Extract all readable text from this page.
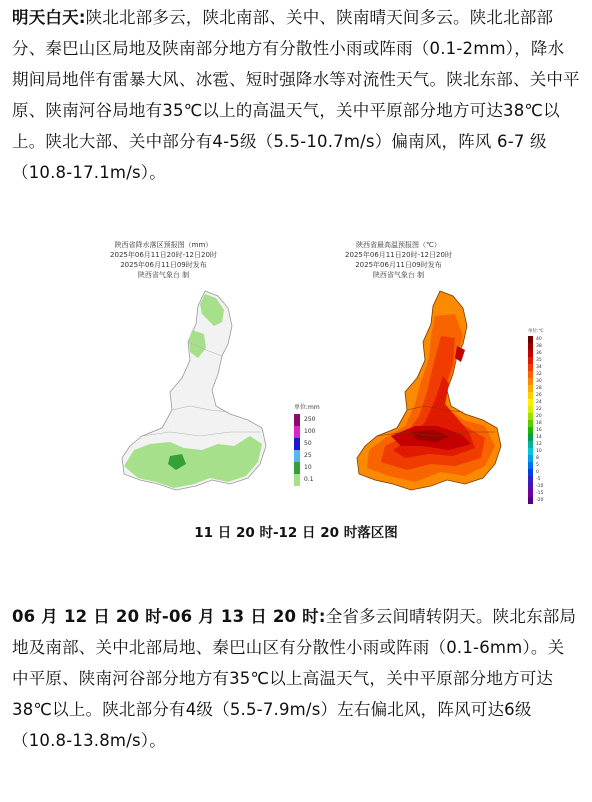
明天白天:陕北北部多云，陕北南部、关中、陕南晴天间多云。陕北北部部分、秦巴山区局地及陕南部分地方有分散性小雨或阵雨（0.1-2mm），降水期间局地伴有雷暴大风、冰雹、短时强降水等对流性天气。陕北东部、关中平原、陕南河谷局地有35℃以上的高温天气，关中平原部分地方可达38℃以上。陕北大部、关中部分有4-5级（5.5-10.7m/s）偏南风，阵风 6-7 级（10.8-17.1m/s）。
陕西省降水落区预报图（mm）
2025年06月11日20时-12日20时
2025年06月11日09时发布
陕西省气象台 制
陕西省最高温预报图（℃）
2025年06月11日20时-12日20时
2025年06月11日09时发布
陕西省气象台 制
单位:mm
250
100
50
25
10
0.1
单位:℃
40
38
36
35
34
32
30
28
26
24
22
20
18
16
14
12
10
8
5
0
-5
-10
-15
-20
11 日 20 时-12 日 20 时落区图
06 月 12 日 20 时-06 月 13 日 20 时:全省多云间晴转阴天。陕北东部局地及南部、关中北部局地、秦巴山区有分散性小雨或阵雨（0.1-6mm）。关中平原、陕南河谷部分地方有35℃以上高温天气，关中平原部分地方可达38℃以上。陕北部分有4级（5.5-7.9m/s）左右偏北风，阵风可达6级（10.8-13.8m/s）。
